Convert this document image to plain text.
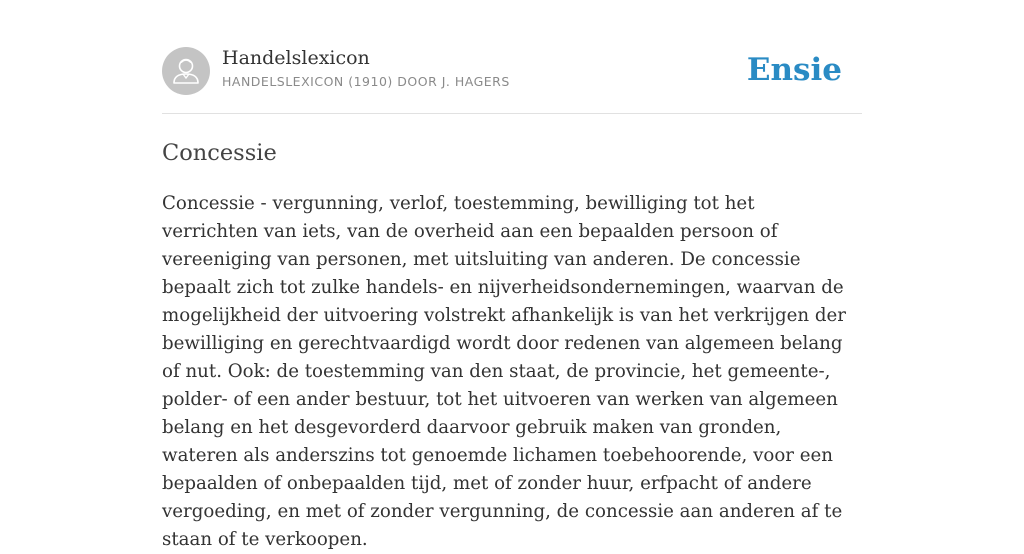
Handelslexicon
HANDELSLEXICON (1910) DOOR J. HAGERS	Ensie
Concessie

Concessie - vergunning, verlof, toestemming, bewilliging tot het verrichten van iets, van de overheid aan een bepaalden persoon of vereeniging van personen, met uitsluiting van anderen. De concessie bepaalt zich tot zulke handels- en nijverheidsondernemingen, waarvan de mogelijkheid der uitvoering volstrekt afhankelijk is van het verkrijgen der bewilliging en gerechtvaardigd wordt door redenen van algemeen belang of nut. Ook: de toestemming van den staat, de provincie, het gemeente-, polder- of een ander bestuur, tot het uitvoeren van werken van algemeen belang en het desgevorderd daarvoor gebruik maken van gronden, wateren als anderszins tot genoemde lichamen toebehoorende, voor een bepaalden of onbepaalden tijd, met of zonder huur, erfpacht of andere vergoeding, en met of zonder vergunning, de concessie aan anderen af te staan of te verkoopen.
